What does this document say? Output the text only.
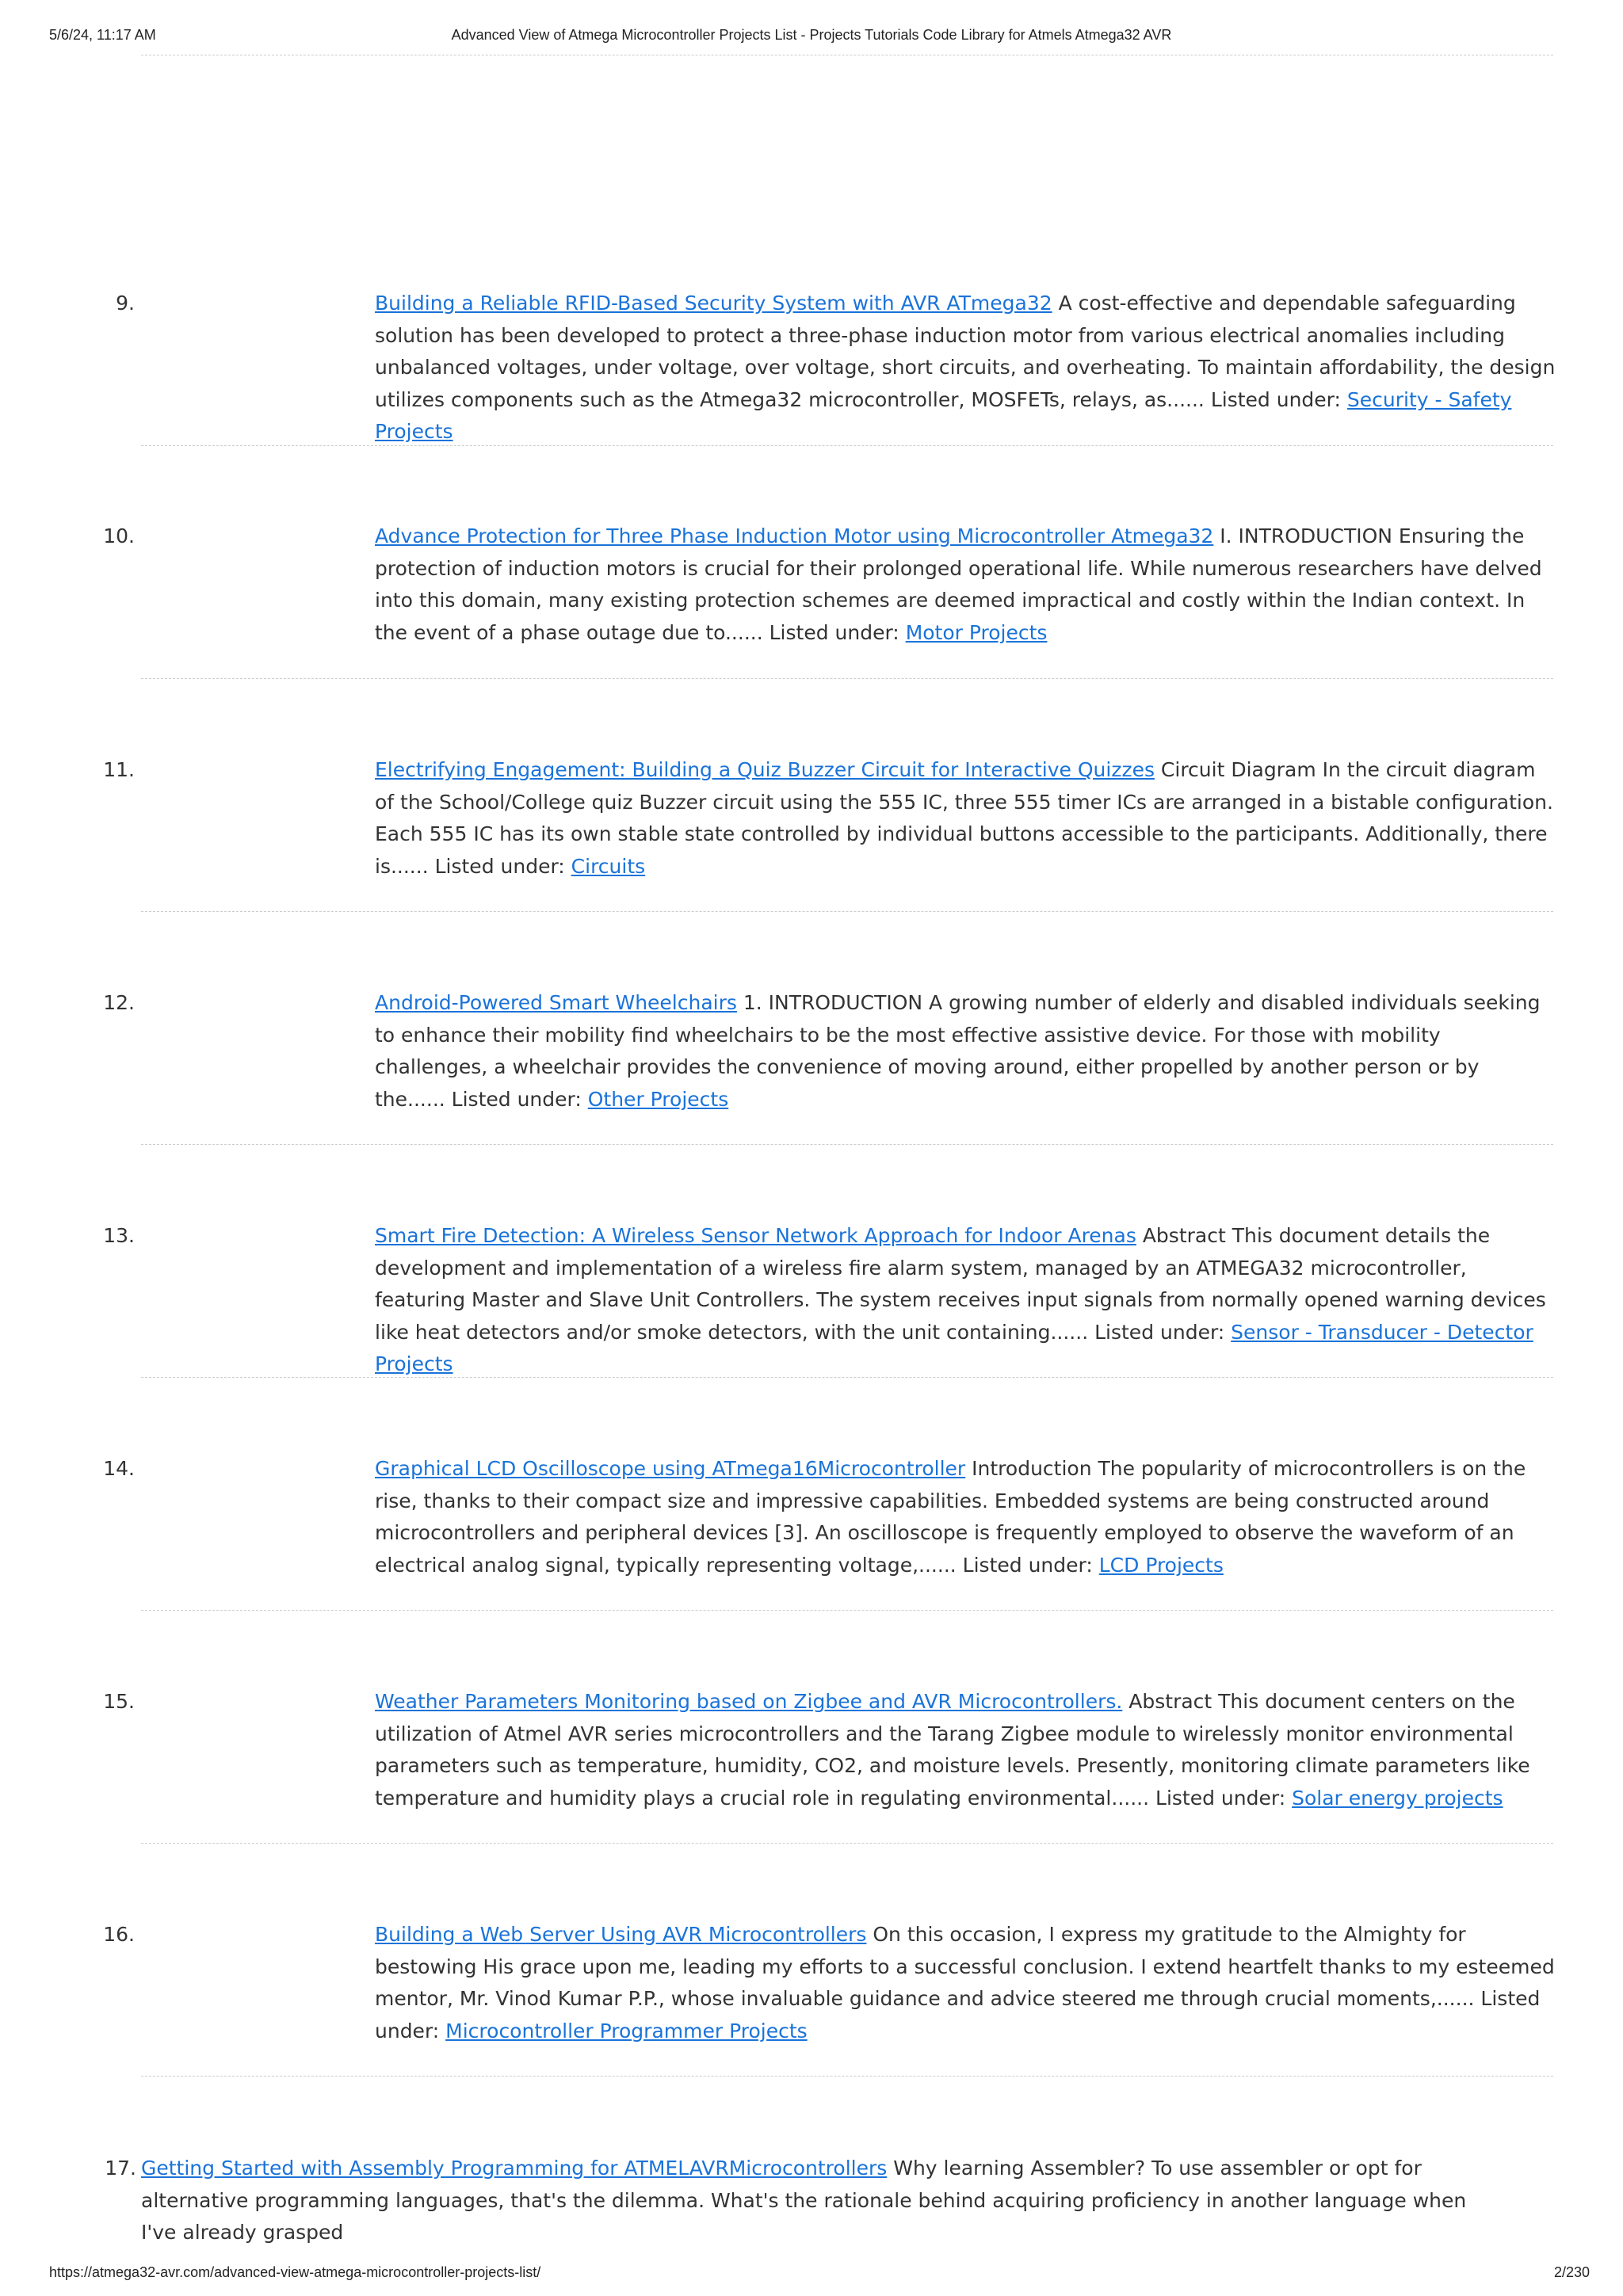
5/6/24, 11:17 AM	Advanced View of Atmega Microcontroller Projects List - Projects Tutorials Code Library for Atmels Atmega32 AVR
9.	Building a Reliable RFID-Based Security System with AVR ATmega32 A cost-effective and dependable safeguarding solution has been developed to protect a three-phase induction motor from various electrical anomalies including unbalanced voltages, under voltage, over voltage, short circuits, and overheating. To maintain affordability, the design utilizes components such as the Atmega32 microcontroller, MOSFETs, relays, as...... Listed under: Security - Safety Projects
10.	Advance Protection for Three Phase Induction Motor using Microcontroller Atmega32 I. INTRODUCTION Ensuring the protection of induction motors is crucial for their prolonged operational life. While numerous researchers have delved into this domain, many existing protection schemes are deemed impractical and costly within the Indian context. In the event of a phase outage due to...... Listed under: Motor Projects
11.	Electrifying Engagement: Building a Quiz Buzzer Circuit for Interactive Quizzes Circuit Diagram In the circuit diagram of the School/College quiz Buzzer circuit using the 555 IC, three 555 timer ICs are arranged in a bistable configuration. Each 555 IC has its own stable state controlled by individual buttons accessible to the participants. Additionally, there is...... Listed under: Circuits
12.	Android-Powered Smart Wheelchairs 1. INTRODUCTION A growing number of elderly and disabled individuals seeking to enhance their mobility find wheelchairs to be the most effective assistive device. For those with mobility challenges, a wheelchair provides the convenience of moving around, either propelled by another person or by the...... Listed under: Other Projects
13.	Smart Fire Detection: A Wireless Sensor Network Approach for Indoor Arenas Abstract This document details the development and implementation of a wireless fire alarm system, managed by an ATMEGA32 microcontroller, featuring Master and Slave Unit Controllers. The system receives input signals from normally opened warning devices like heat detectors and/or smoke detectors, with the unit containing...... Listed under: Sensor - Transducer - Detector Projects
14.	Graphical LCD Oscilloscope using ATmega16Microcontroller Introduction The popularity of microcontrollers is on the rise, thanks to their compact size and impressive capabilities. Embedded systems are being constructed around microcontrollers and peripheral devices [3]. An oscilloscope is frequently employed to observe the waveform of an electrical analog signal, typically representing voltage,...... Listed under: LCD Projects
15.	Weather Parameters Monitoring based on Zigbee and AVR Microcontrollers. Abstract This document centers on the utilization of Atmel AVR series microcontrollers and the Tarang Zigbee module to wirelessly monitor environmental parameters such as temperature, humidity, CO2, and moisture levels. Presently, monitoring climate parameters like temperature and humidity plays a crucial role in regulating environmental...... Listed under: Solar energy projects
16.	Building a Web Server Using AVR Microcontrollers On this occasion, I express my gratitude to the Almighty for bestowing His grace upon me, leading my efforts to a successful conclusion. I extend heartfelt thanks to my esteemed mentor, Mr. Vinod Kumar P.P., whose invaluable guidance and advice steered me through crucial moments,...... Listed under: Microcontroller Programmer Projects
17. Getting Started with Assembly Programming for ATMELAVRMicrocontrollers Why learning Assembler? To use assembler or opt for alternative programming languages, that's the dilemma. What's the rationale behind acquiring proficiency in another language when I've already grasped
https://atmega32-avr.com/advanced-view-atmega-microcontroller-projects-list/	2/230
